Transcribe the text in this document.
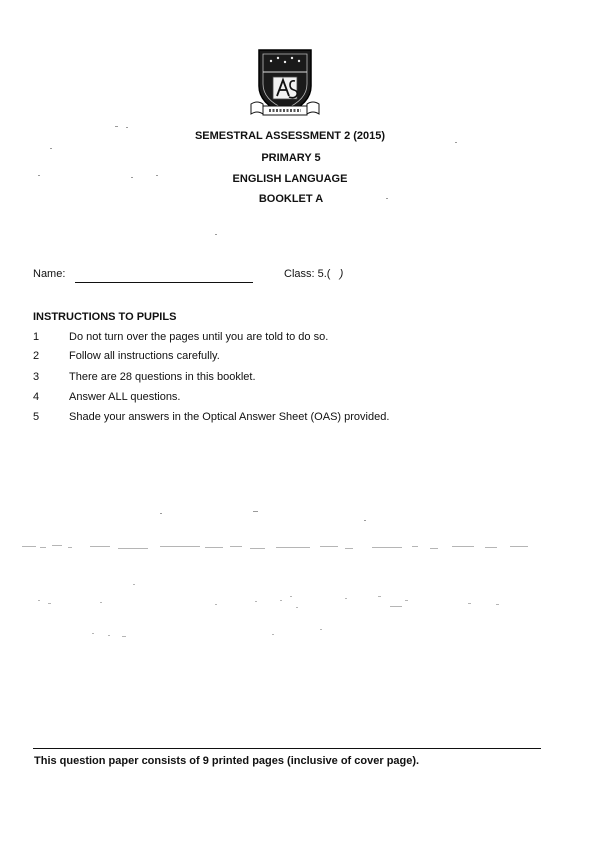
SEMESTRAL ASSESSMENT 2 (2015)
PRIMARY 5
ENGLISH LANGUAGE
BOOKLET A
Name:	Class: 5.( )
INSTRUCTIONS TO PUPILS
1	Do not turn over the pages until you are told to do so.
2	Follow all instructions carefully.
3	There are 28 questions in this booklet.
4	Answer ALL questions.
5	Shade your answers in the Optical Answer Sheet (OAS) provided.
This question paper consists of 9 printed pages (inclusive of cover page).
